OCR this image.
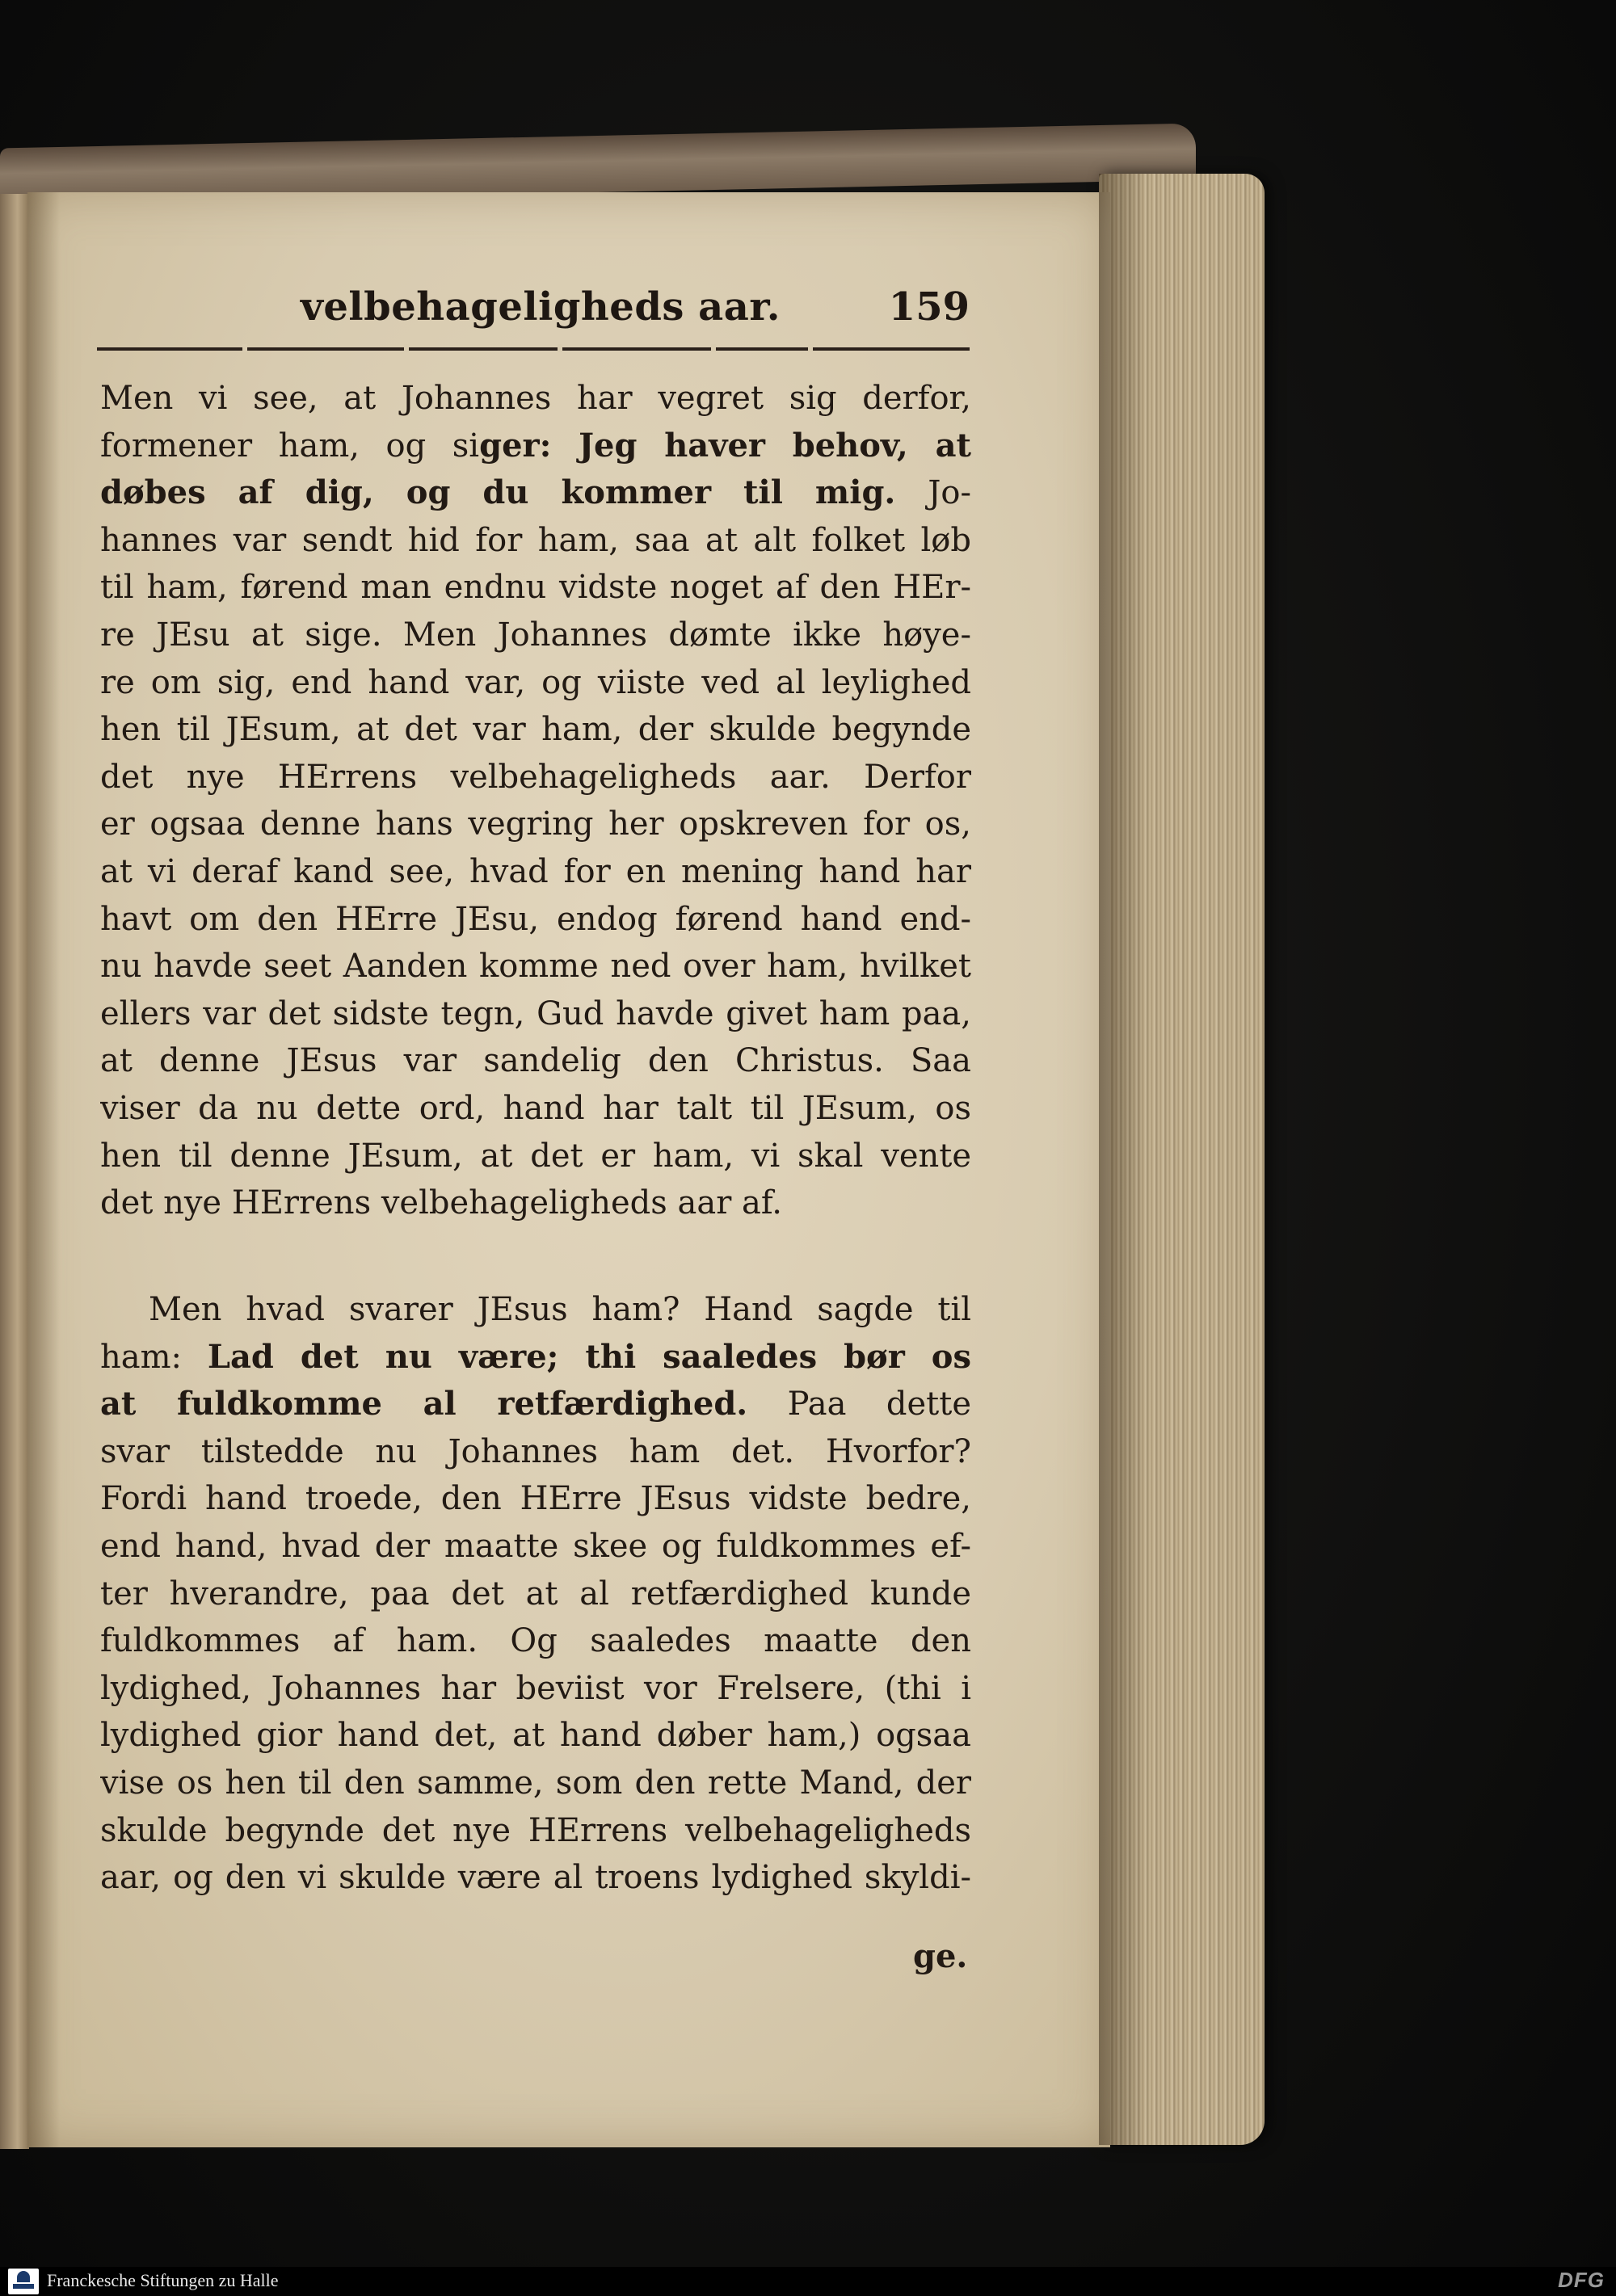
velbehageligheds aar.	159
Men vi see, at Johannes har vegret sig derfor,
formener ham, og siger: Jeg haver behov, at
døbes af dig, og du kommer til mig. Jo-
hannes var sendt hid for ham, saa at alt folket løb
til ham, førend man endnu vidste noget af den HEr-
re JEsu at sige. Men Johannes dømte ikke høye-
re om sig, end hand var, og viiste ved al leylighed
hen til JEsum, at det var ham, der skulde begynde
det nye HErrens velbehageligheds aar. Derfor
er ogsaa denne hans vegring her opskreven for os,
at vi deraf kand see, hvad for en mening hand har
havt om den HErre JEsu, endog førend hand end-
nu havde seet Aanden komme ned over ham, hvilket
ellers var det sidste tegn, Gud havde givet ham paa,
at denne JEsus var sandelig den Christus. Saa
viser da nu dette ord, hand har talt til JEsum, os
hen til denne JEsum, at det er ham, vi skal vente
det nye HErrens velbehageligheds aar af.
Men hvad svarer JEsus ham? Hand sagde til
ham: Lad det nu være; thi saaledes bør os
at fuldkomme al retfærdighed. Paa dette
svar tilstedde nu Johannes ham det. Hvorfor?
Fordi hand troede, den HErre JEsus vidste bedre,
end hand, hvad der maatte skee og fuldkommes ef-
ter hverandre, paa det at al retfærdighed kunde
fuldkommes af ham. Og saaledes maatte den
lydighed, Johannes har beviist vor Frelsere, (thi i
lydighed gior hand det, at hand døber ham,) ogsaa
vise os hen til den samme, som den rette Mand, der
skulde begynde det nye HErrens velbehageligheds
aar, og den vi skulde være al troens lydighed skyldi-
ge.
Franckesche Stiftungen zu Halle	DFG
